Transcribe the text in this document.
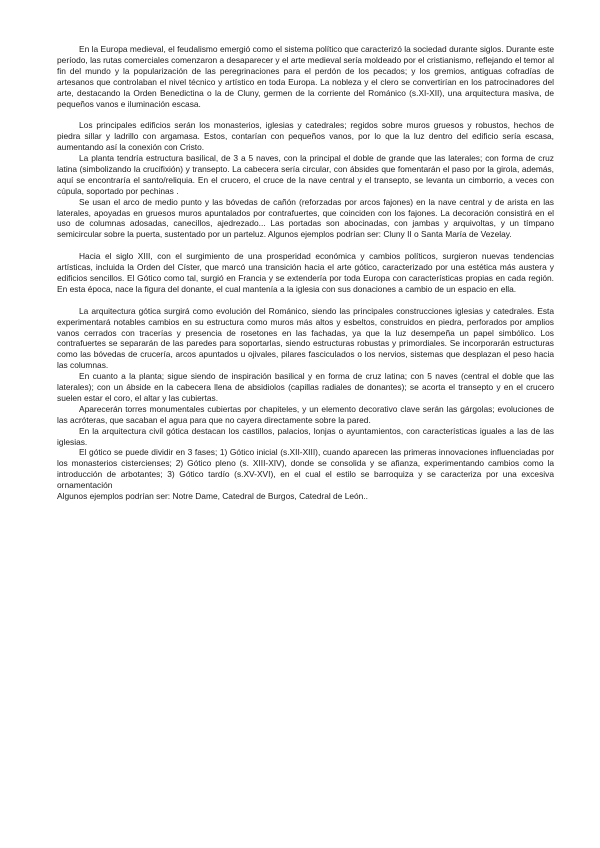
En la Europa medieval, el feudalismo emergió como el sistema político que caracterizó la sociedad durante siglos. Durante este período, las rutas comerciales comenzaron a desaparecer y el arte medieval sería moldeado por el cristianismo, reflejando el temor al fin del mundo y la popularización de las peregrinaciones para el perdón de los pecados; y los gremios, antiguas cofradías de artesanos que controlaban el nivel técnico y artístico en toda Europa. La nobleza y el clero se convertirían en los patrocinadores del arte, destacando la Orden Benedictina o la de Cluny, germen de la corriente del Románico (s.XI-XII), una arquitectura masiva, de pequeños vanos e iluminación escasa.

Los principales edificios serán los monasterios, iglesias y catedrales; regidos sobre muros gruesos y robustos, hechos de piedra sillar y ladrillo con argamasa. Estos, contarían con pequeños vanos, por lo que la luz dentro del edificio sería escasa, aumentando así la conexión con Cristo.

La planta tendría estructura basilical, de 3 a 5 naves, con la principal el doble de grande que las laterales; con forma de cruz latina (simbolizando la crucifixión) y transepto. La cabecera sería circular, con ábsides que fomentarán el paso por la girola, además, aquí se encontraría el santo/reliquia. En el crucero, el cruce de la nave central y el transepto, se levanta un cimborrio, a veces con cúpula, soportado por pechinas .

Se usan el arco de medio punto y las bóvedas de cañón (reforzadas por arcos fajones) en la nave central y de arista en las laterales, apoyadas en gruesos muros apuntalados por contrafuertes, que coinciden con los fajones. La decoración consistirá en el uso de columnas adosadas, canecillos, ajedrezado... Las portadas son abocinadas, con jambas y arquivoltas, y un tímpano semicircular sobre la puerta, sustentado por un parteluz. Algunos ejemplos podrían ser: Cluny II o Santa María de Vezelay.

Hacia el siglo XIII, con el surgimiento de una prosperidad económica y cambios políticos, surgieron nuevas tendencias artísticas, incluida la Orden del Císter, que marcó una transición hacia el arte gótico, caracterizado por una estética más austera y edificios sencillos. El Gótico como tal, surgió en Francia y se extendería por toda Europa con características propias en cada región. En esta época, nace la figura del donante, el cual mantenía a la iglesia con sus donaciones a cambio de un espacio en ella.

La arquitectura gótica surgirá como evolución del Románico, siendo las principales construcciones iglesias y catedrales. Esta experimentará notables cambios en su estructura como muros más altos y esbeltos, construidos en piedra, perforados por amplios vanos cerrados con tracerías y presencia de rosetones en las fachadas, ya que la luz desempeña un papel simbólico. Los contrafuertes se separarán de las paredes para soportarlas, siendo estructuras robustas y primordiales. Se incorporarán estructuras como las bóvedas de crucería, arcos apuntados u ojivales, pilares fasciculados o los nervios, sistemas que desplazan el peso hacia las columnas.

En cuanto a la planta; sigue siendo de inspiración basilical y en forma de cruz latina; con 5 naves (central el doble que las laterales); con un ábside en la cabecera llena de absidiolos (capillas radiales de donantes); se acorta el transepto y en el crucero suelen estar el coro, el altar y las cubiertas.

Aparecerán torres monumentales cubiertas por chapiteles, y un elemento decorativo clave serán las gárgolas; evoluciones de las acróteras, que sacaban el agua para que no cayera directamente sobre la pared.

En la arquitectura civil gótica destacan los castillos, palacios, lonjas o ayuntamientos, con características iguales a las de las iglesias.

El gótico se puede dividir en 3 fases; 1) Gótico inicial (s.XII-XIII), cuando aparecen las primeras innovaciones influenciadas por los monasterios cistercienses; 2) Gótico pleno (s. XIII-XIV), donde se consolida y se afianza, experimentando cambios como la introducción de arbotantes; 3) Gótico tardío (s.XV-XVI), en el cual el estilo se barroquiza y se caracteriza por una excesiva ornamentación

Algunos ejemplos podrían ser: Notre Dame, Catedral de Burgos, Catedral de León..
